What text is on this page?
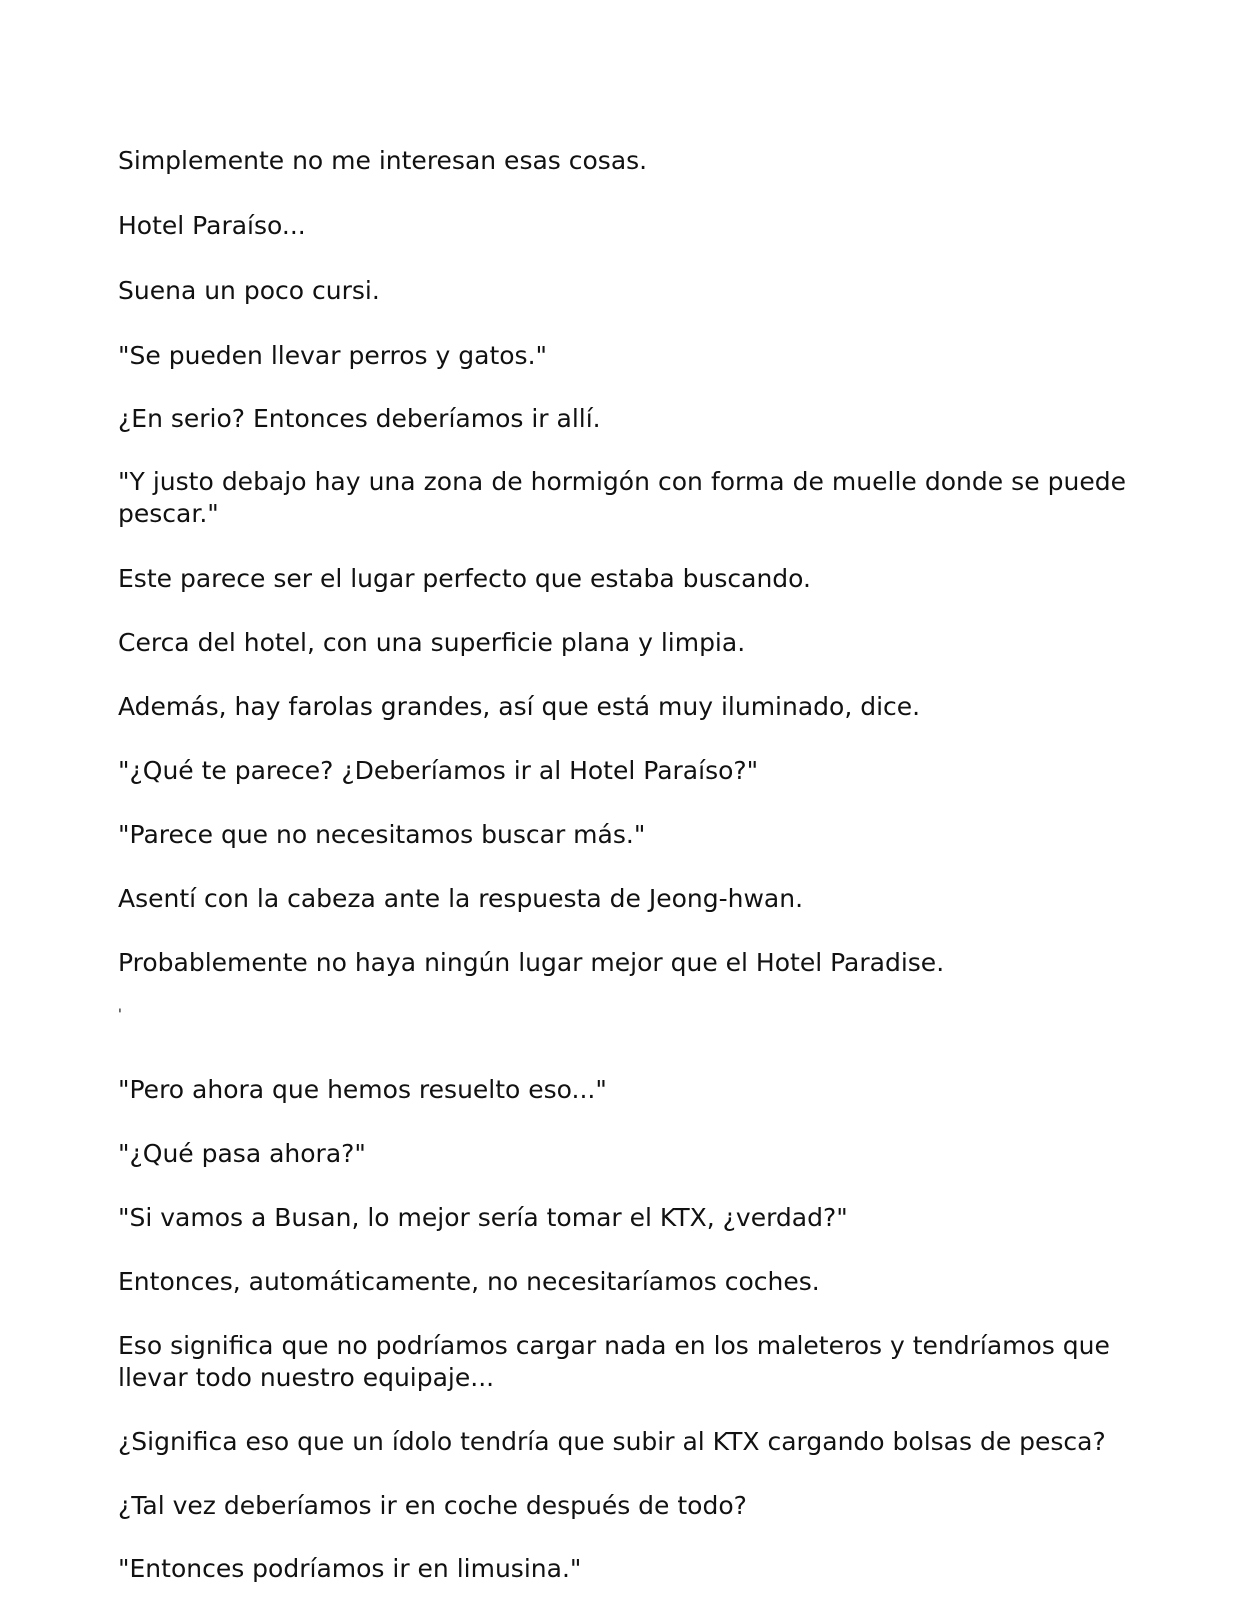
Simplemente no me interesan esas cosas.

Hotel Paraíso...

Suena un poco cursi.

"Se pueden llevar perros y gatos."

¿En serio? Entonces deberíamos ir allí.

"Y justo debajo hay una zona de hormigón con forma de muelle donde se puede pescar."

Este parece ser el lugar perfecto que estaba buscando.

Cerca del hotel, con una superficie plana y limpia.

Además, hay farolas grandes, así que está muy iluminado, dice.

"¿Qué te parece? ¿Deberíamos ir al Hotel Paraíso?"

"Parece que no necesitamos buscar más."

Asentí con la cabeza ante la respuesta de Jeong-hwan.

Probablemente no haya ningún lugar mejor que el Hotel Paradise.

'

"Pero ahora que hemos resuelto eso..."

"¿Qué pasa ahora?"

"Si vamos a Busan, lo mejor sería tomar el KTX, ¿verdad?"

Entonces, automáticamente, no necesitaríamos coches.

Eso significa que no podríamos cargar nada en los maleteros y tendríamos que llevar todo nuestro equipaje...

¿Significa eso que un ídolo tendría que subir al KTX cargando bolsas de pesca?

¿Tal vez deberíamos ir en coche después de todo?

"Entonces podríamos ir en limusina."
